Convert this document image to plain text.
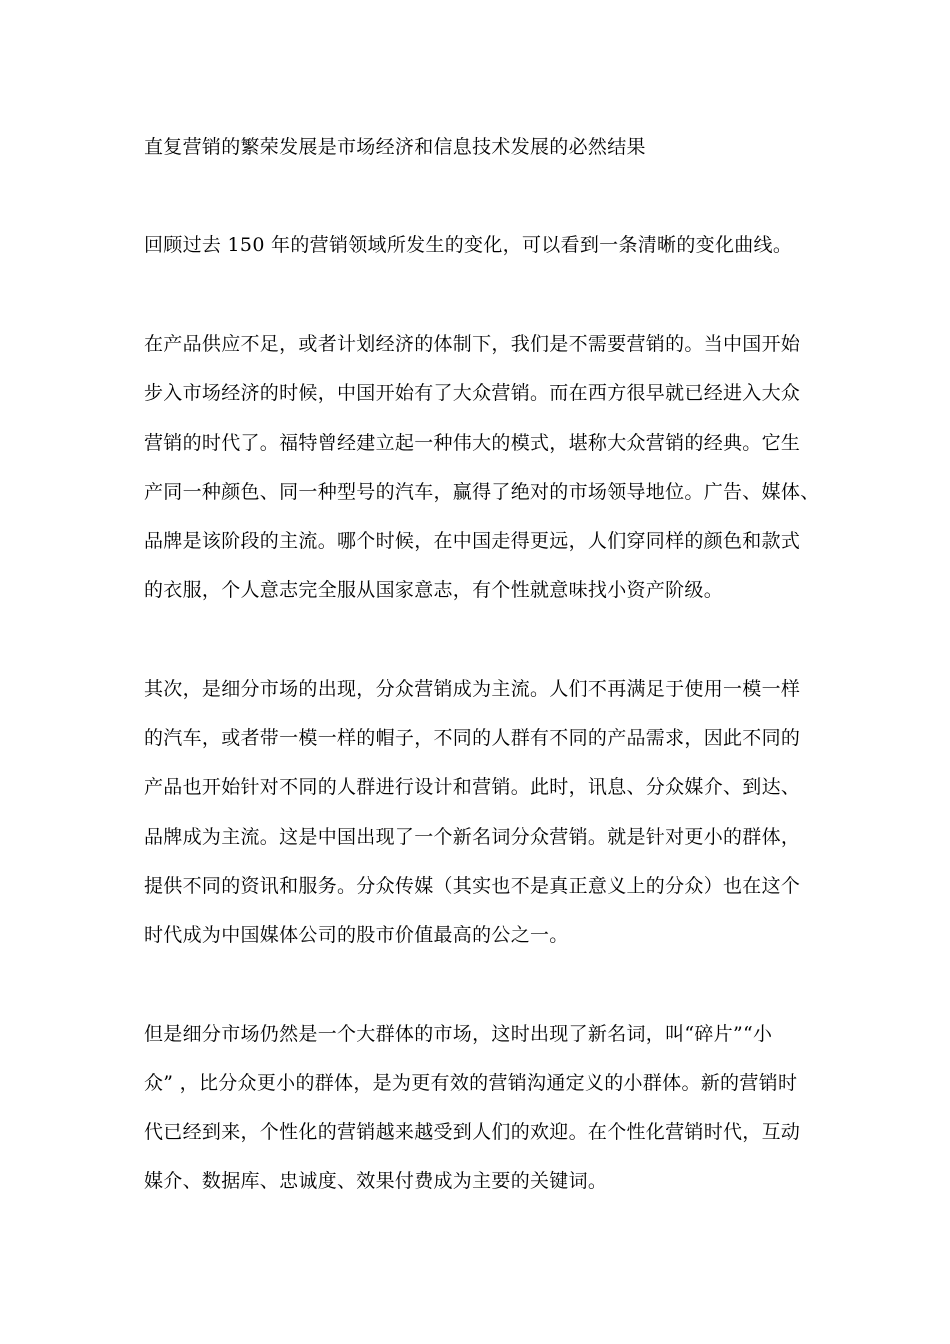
直复营销的繁荣发展是市场经济和信息技术发展的必然结果
回顾过去 150 年的营销领域所发生的变化，可以看到一条清晰的变化曲线。
在产品供应不足，或者计划经济的体制下，我们是不需要营销的。当中国开始
步入市场经济的时候，中国开始有了大众营销。而在西方很早就已经进入大众
营销的时代了。福特曾经建立起一种伟大的模式，堪称大众营销的经典。它生
产同一种颜色、同一种型号的汽车，赢得了绝对的市场领导地位。广告、媒体、
品牌是该阶段的主流。哪个时候，在中国走得更远，人们穿同样的颜色和款式
的衣服，个人意志完全服从国家意志，有个性就意味找小资产阶级。
其次，是细分市场的出现，分众营销成为主流。人们不再满足于使用一模一样
的汽车，或者带一模一样的帽子，不同的人群有不同的产品需求，因此不同的
产品也开始针对不同的人群进行设计和营销。此时，讯息、分众媒介、到达、
品牌成为主流。这是中国出现了一个新名词分众营销。就是针对更小的群体，
提供不同的资讯和服务。分众传媒（其实也不是真正意义上的分众）也在这个
时代成为中国媒体公司的股市价值最高的公之一。
但是细分市场仍然是一个大群体的市场，这时出现了新名词，叫“碎片”“小
众” ，比分众更小的群体，是为更有效的营销沟通定义的小群体。新的营销时
代已经到来，个性化的营销越来越受到人们的欢迎。在个性化营销时代，互动
媒介、数据库、忠诚度、效果付费成为主要的关键词。
